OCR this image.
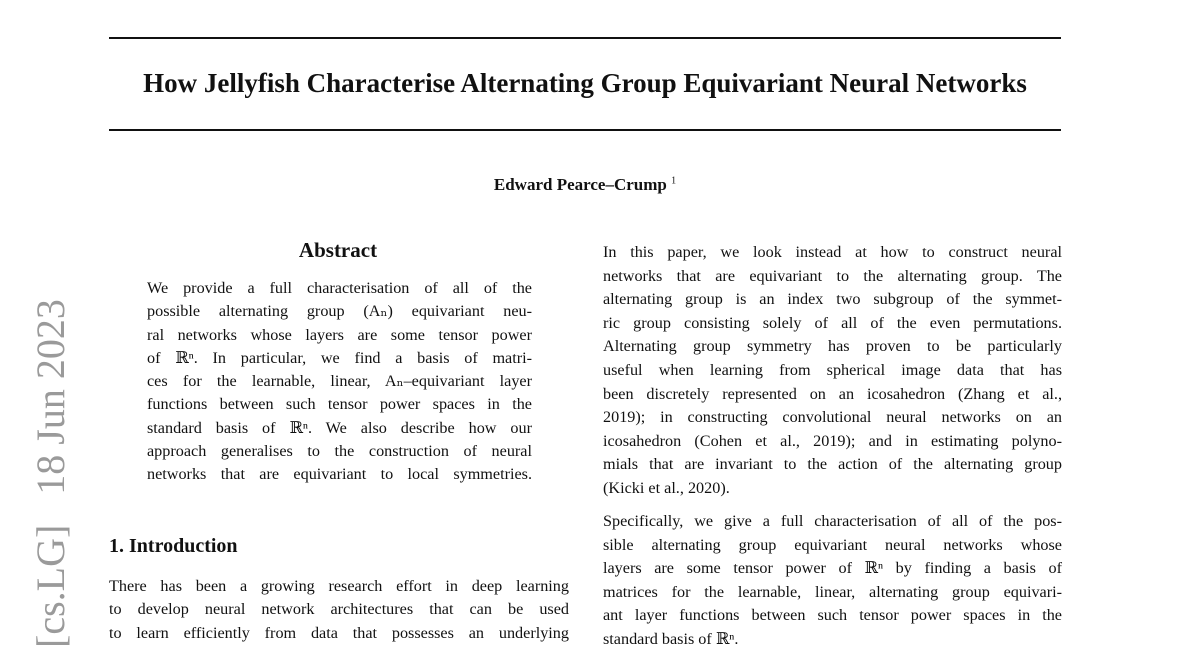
How Jellyfish Characterise Alternating Group Equivariant Neural Networks
Edward Pearce–Crump $^1$
[cs.LG]   18 Jun 2023
Abstract
We provide a full characterisation of all of the
possible alternating group (Aₙ) equivariant neu-
ral networks whose layers are some tensor power
of ℝⁿ. In particular, we find a basis of matri-
ces for the learnable, linear, Aₙ–equivariant layer
functions between such tensor power spaces in the
standard basis of ℝⁿ. We also describe how our
approach generalises to the construction of neural
networks that are equivariant to local symmetries.
1. Introduction
There has been a growing research effort in deep learning
to develop neural network architectures that can be used
to learn efficiently from data that possesses an underlying
In this paper, we look instead at how to construct neural
networks that are equivariant to the alternating group. The
alternating group is an index two subgroup of the symmet-
ric group consisting solely of all of the even permutations.
Alternating group symmetry has proven to be particularly
useful when learning from spherical image data that has
been discretely represented on an icosahedron (Zhang et al.,
2019); in constructing convolutional neural networks on an
icosahedron (Cohen et al., 2019); and in estimating polyno-
mials that are invariant to the action of the alternating group
(Kicki et al., 2020).
Specifically, we give a full characterisation of all of the pos-
sible alternating group equivariant neural networks whose
layers are some tensor power of ℝⁿ by finding a basis of
matrices for the learnable, linear, alternating group equivari-
ant layer functions between such tensor power spaces in the
standard basis of ℝⁿ.
